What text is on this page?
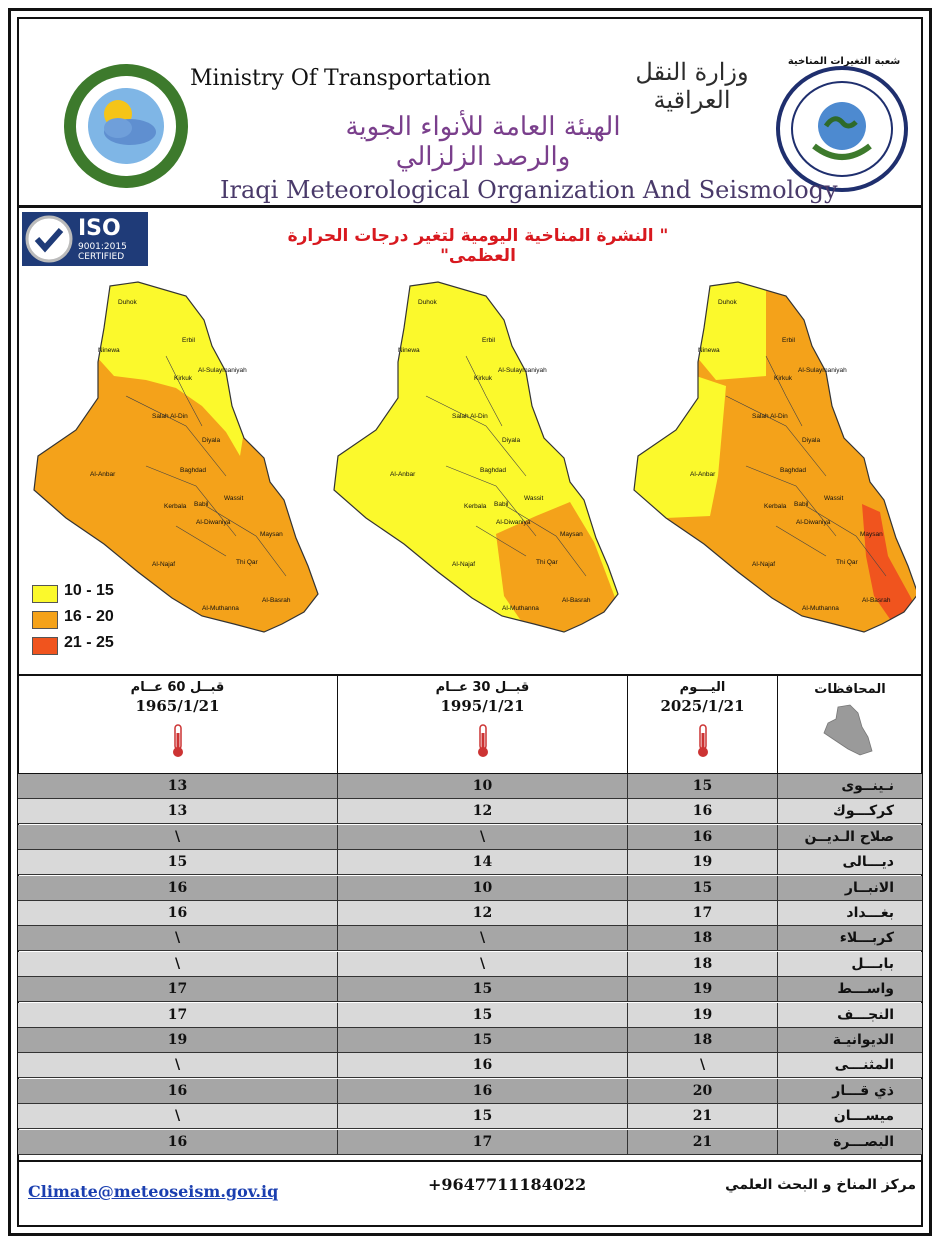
Ministry Of Transportation	وزارة النقل العراقية
الهيئة العامة للأنواء الجوية والرصد الزلزالي
شعبة التغيرات المناخية
Iraqi Meteorological Organization And Seismology
ISO
9001:2015
CERTIFIED
" النشرة المناخية اليومية لتغير درجات الحرارة العظمى"
Duhok
Erbil
Ninewa
Kirkuk
Al-Sulaymaniyah
Salah Al-Din
Diyala
Al-Anbar
Baghdad
Kerbala Babil
Wassit
Al-Diwaniya
Maysan
Al-Najaf	Thi Qar
Al-Muthanna
Al-Basrah
Duhok
Erbil
Ninewa
Kirkuk
Al-Sulaymaniyah
Salah Al-Din
Diyala
Al-Anbar
Baghdad
Kerbala Babil
Wassit
Al-Diwaniya
Maysan
Al-Najaf	Thi Qar
Al-Muthanna
Al-Basrah
Duhok
Erbil
Ninewa
Kirkuk
Al-Sulaymaniyah
Salah Al-Din
Diyala
Al-Anbar
Baghdad
Kerbala Babil
Wassit
Al-Diwaniya
Maysan
Al-Najaf	Thi Qar
Al-Muthanna
Al-Basrah
10 - 15
16 - 20
21 - 25
قبــل 60 عــام
1965/1/21
قبــل 30 عــام
1995/1/21
اليـــوم
2025/1/21
المحافظات
13	10	15	نـينــوى
13	12	16	كركـــوك
\	\	16	صلاح الـديــن
15	14	19	ديـــالى
16	10	15	الانبــار
16	12	17	بغـــداد
\	\	18	كربـــلاء
\	\	18	بابـــل
17	15	19	واســـط
17	15	19	النجـــف
19	15	18	الديوانيـة
\	16	\	المثنـــى
16	16	20	ذي قـــار
\	15	21	ميســـان
16	17	21	البصـــرة
Climate@meteoseism.gov.iq	+9647711184022	مركز المناخ و البحث العلمي
